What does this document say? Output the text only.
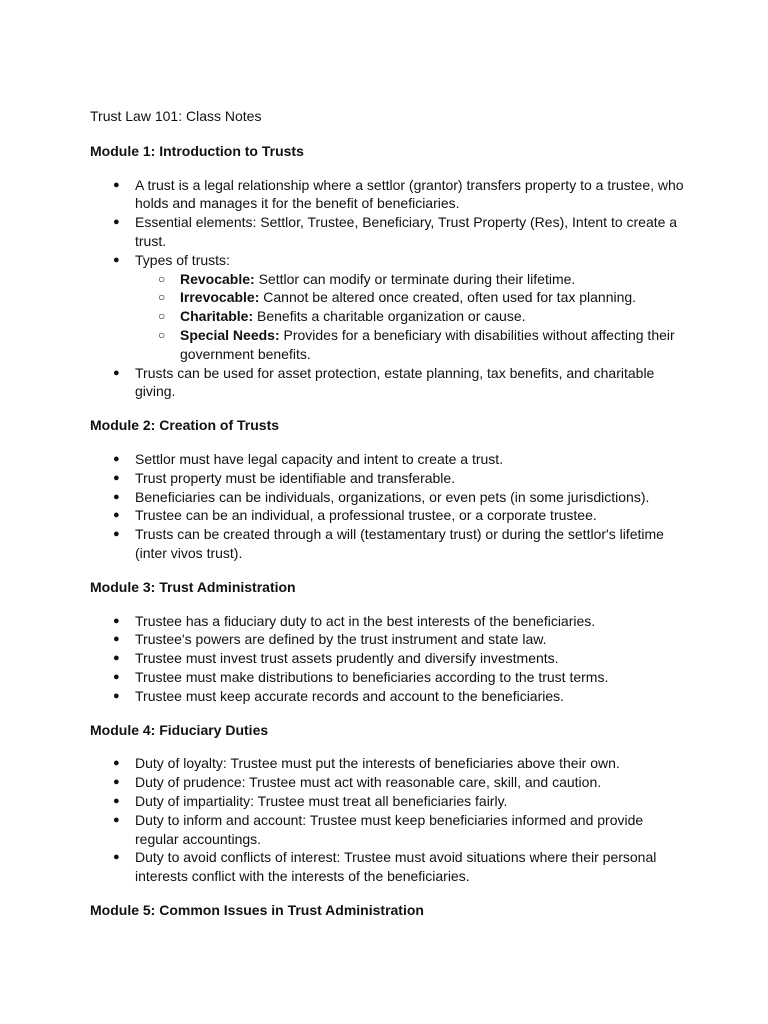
Trust Law 101: Class Notes
Module 1: Introduction to Trusts
● A trust is a legal relationship where a settlor (grantor) transfers property to a trustee, who holds and manages it for the benefit of beneficiaries.
● Essential elements: Settlor, Trustee, Beneficiary, Trust Property (Res), Intent to create a trust.
● Types of trusts:
○ Revocable: Settlor can modify or terminate during their lifetime.
○ Irrevocable: Cannot be altered once created, often used for tax planning.
○ Charitable: Benefits a charitable organization or cause.
○ Special Needs: Provides for a beneficiary with disabilities without affecting their government benefits.
● Trusts can be used for asset protection, estate planning, tax benefits, and charitable giving.
Module 2: Creation of Trusts
● Settlor must have legal capacity and intent to create a trust.
● Trust property must be identifiable and transferable.
● Beneficiaries can be individuals, organizations, or even pets (in some jurisdictions).
● Trustee can be an individual, a professional trustee, or a corporate trustee.
● Trusts can be created through a will (testamentary trust) or during the settlor's lifetime (inter vivos trust).
Module 3: Trust Administration
● Trustee has a fiduciary duty to act in the best interests of the beneficiaries.
● Trustee's powers are defined by the trust instrument and state law.
● Trustee must invest trust assets prudently and diversify investments.
● Trustee must make distributions to beneficiaries according to the trust terms.
● Trustee must keep accurate records and account to the beneficiaries.
Module 4: Fiduciary Duties
● Duty of loyalty: Trustee must put the interests of beneficiaries above their own.
● Duty of prudence: Trustee must act with reasonable care, skill, and caution.
● Duty of impartiality: Trustee must treat all beneficiaries fairly.
● Duty to inform and account: Trustee must keep beneficiaries informed and provide regular accountings.
● Duty to avoid conflicts of interest: Trustee must avoid situations where their personal interests conflict with the interests of the beneficiaries.
Module 5: Common Issues in Trust Administration
